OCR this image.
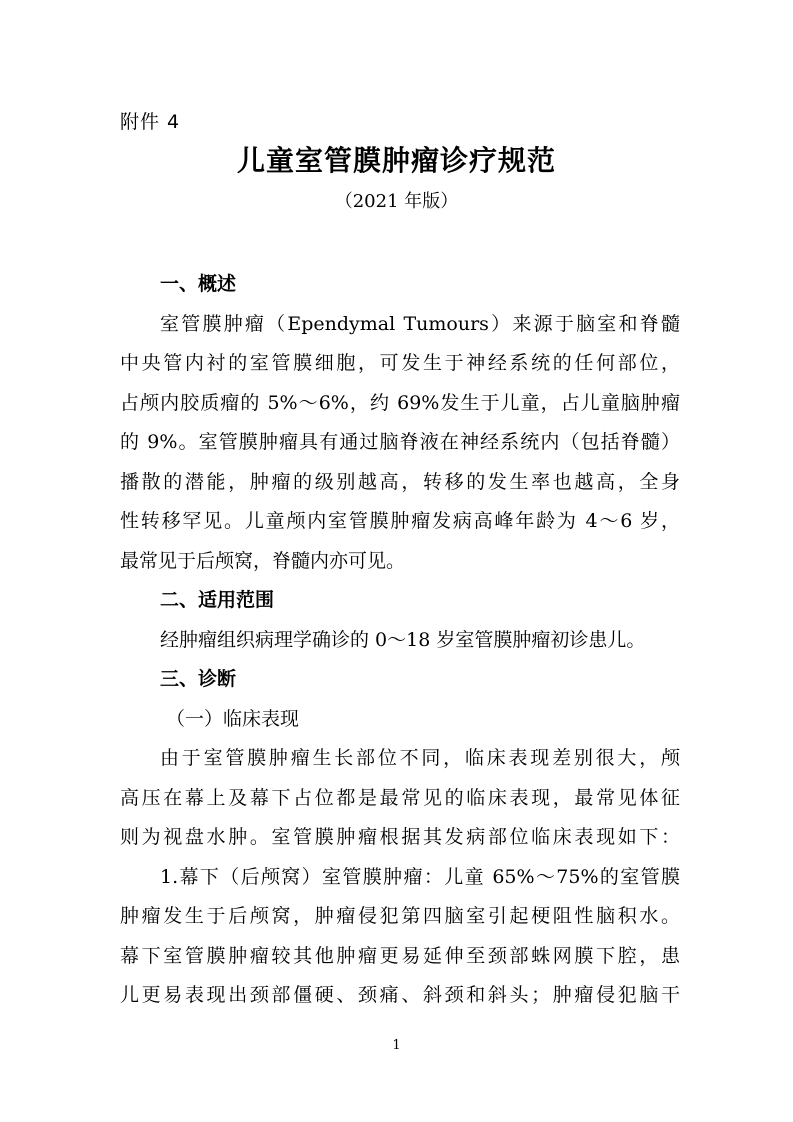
附件 4
儿童室管膜肿瘤诊疗规范
（2021 年版）
一、概述
室管膜肿瘤（Ependymal Tumours）来源于脑室和脊髓
中央管内衬的室管膜细胞，可发生于神经系统的任何部位，
占颅内胶质瘤的 5%～6%，约 69%发生于儿童，占儿童脑肿瘤
的 9%。室管膜肿瘤具有通过脑脊液在神经系统内（包括脊髓）
播散的潜能，肿瘤的级别越高，转移的发生率也越高，全身
性转移罕见。儿童颅内室管膜肿瘤发病高峰年龄为 4～6 岁，
最常见于后颅窝，脊髓内亦可见。
二、适用范围
经肿瘤组织病理学确诊的 0～18 岁室管膜肿瘤初诊患儿。
三、诊断
（一）临床表现
由于室管膜肿瘤生长部位不同，临床表现差别很大，颅
高压在幕上及幕下占位都是最常见的临床表现，最常见体征
则为视盘水肿。室管膜肿瘤根据其发病部位临床表现如下：
1.幕下（后颅窝）室管膜肿瘤：儿童 65%～75%的室管膜
肿瘤发生于后颅窝，肿瘤侵犯第四脑室引起梗阻性脑积水。
幕下室管膜肿瘤较其他肿瘤更易延伸至颈部蛛网膜下腔，患
儿更易表现出颈部僵硬、颈痛、斜颈和斜头；肿瘤侵犯脑干
1
